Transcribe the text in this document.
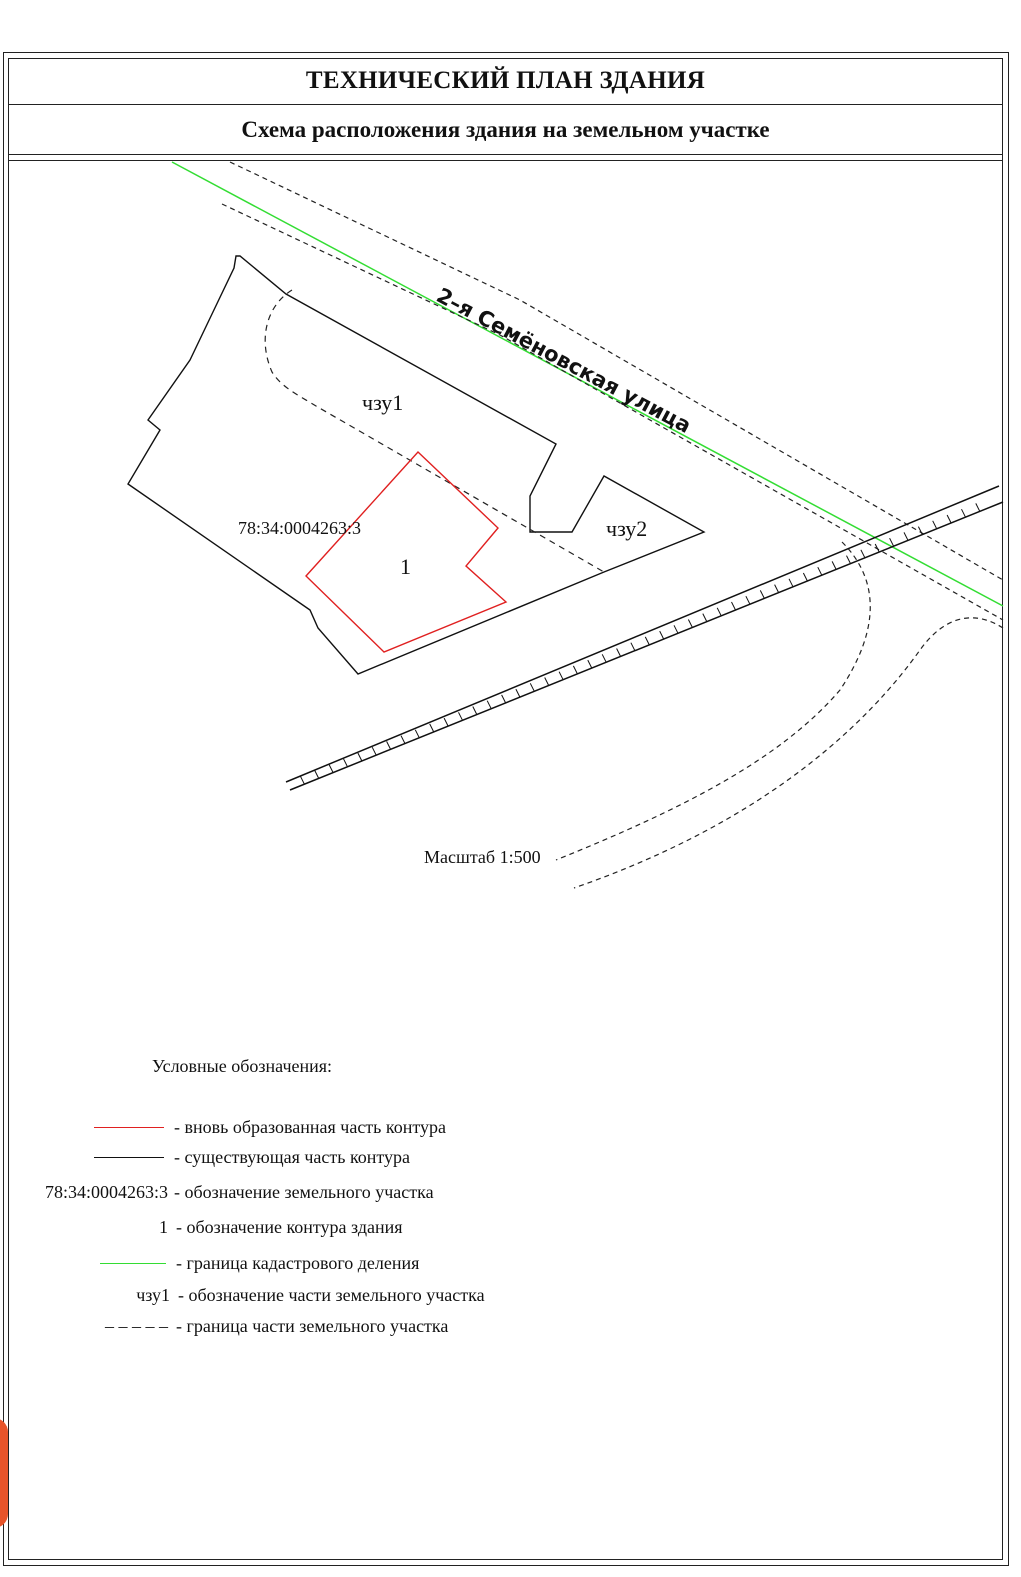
ТЕХНИЧЕСКИЙ ПЛАН ЗДАНИЯ
Схема расположения здания на земельном участке
2–я Семёновская улица
чзу1
чзу2
78:34:0004263:3
1
Масштаб 1:500
Условные обозначения:
- вновь образованная часть контура
- существующая часть контура
78:34:0004263:3 - обозначение земельного участка
1 - обозначение контура здания
- граница кадастрового деления
чзу1 - обозначение части земельного участка
– – – – – - граница части земельного участка
